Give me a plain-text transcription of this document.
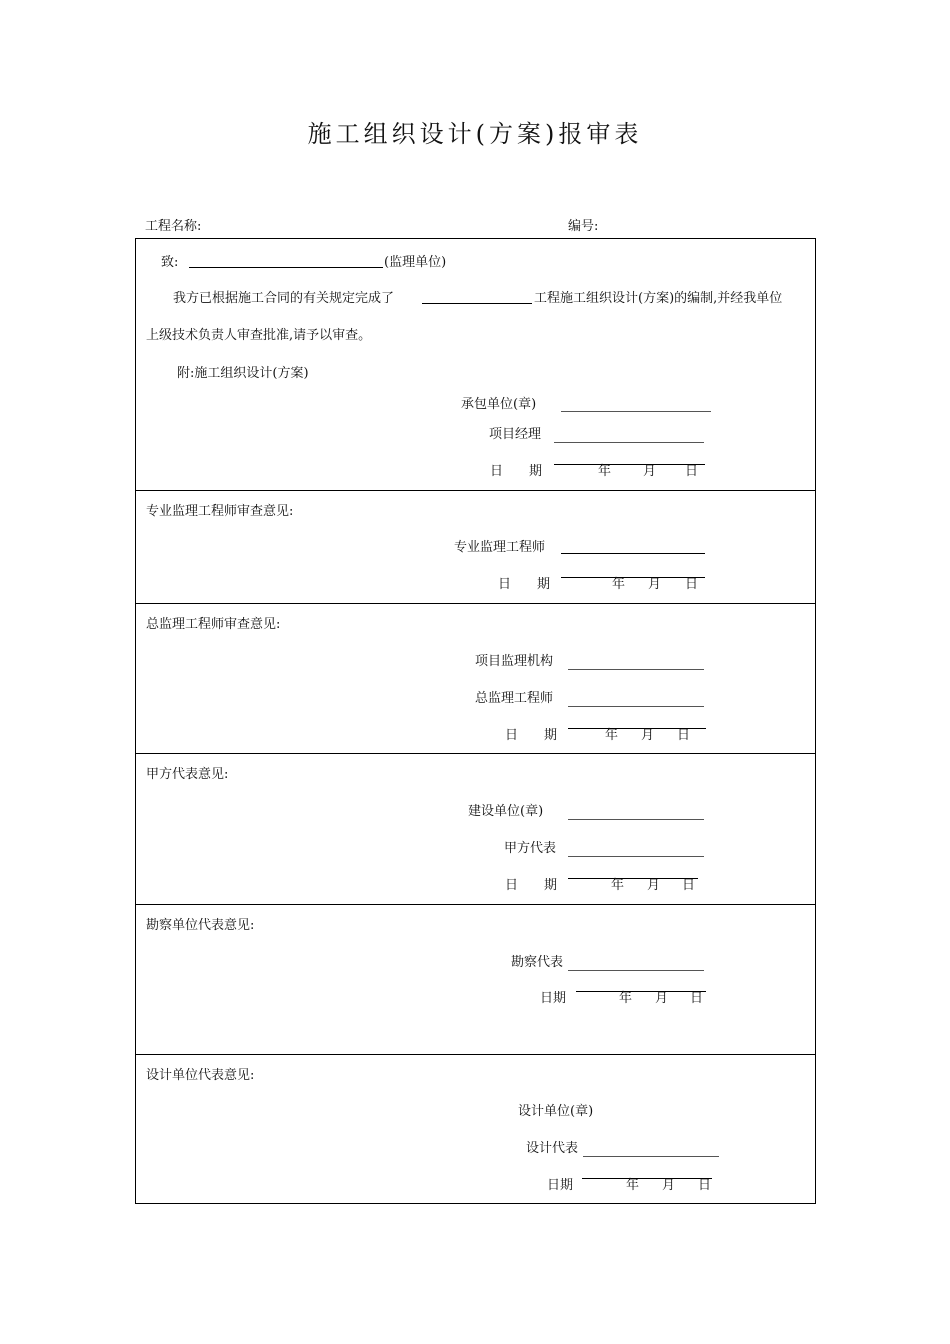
施工组织设计(方案)报审表
工程名称:	编号:
致:	(监理单位)
我方已根据施工合同的有关规定完成了	工程施工组织设计(方案)的编制,并经我单位
上级技术负责人审查批准,请予以审查。
附:施工组织设计(方案)
承包单位(章)
项目经理
日　　期	年 月 日
专业监理工程师审查意见:
专业监理工程师
日　　期	年 月 日
总监理工程师审查意见:
项目监理机构
总监理工程师
日　　期	年 月 日
甲方代表意见:
建设单位(章)
甲方代表
日　　期	年 月 日
勘察单位代表意见:
勘察代表
日期	年 月 日
设计单位代表意见:
设计单位(章)
设计代表
日期	年 月 日
